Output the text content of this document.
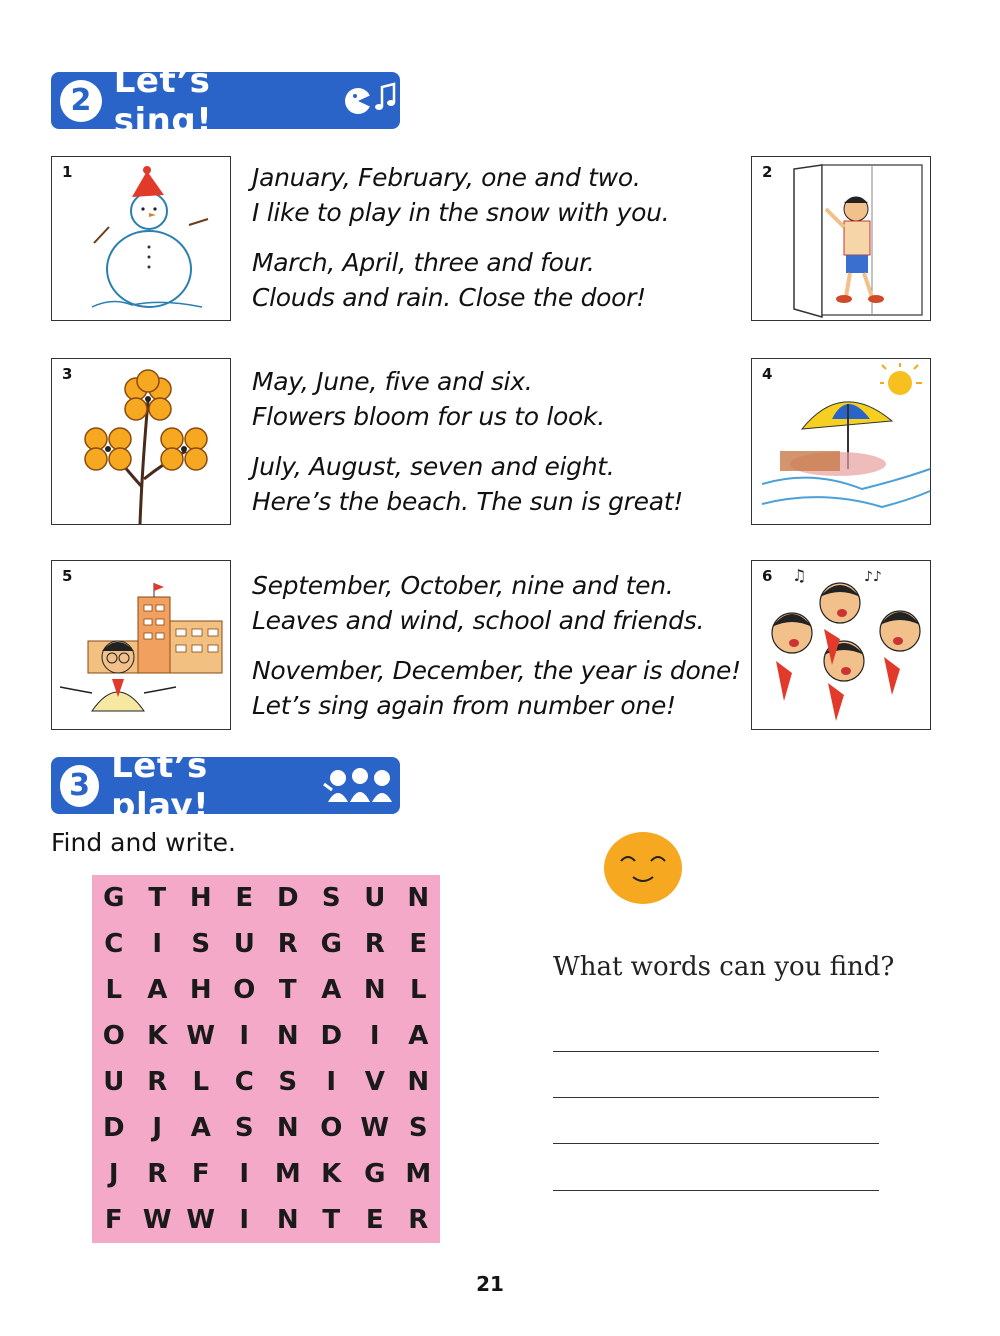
2 Let’s sing!
1	2
January, February, one and two.
I like to play in the snow with you.
March, April, three and four.
Clouds and rain. Close the door!
3	4
May, June, five and six.
Flowers bloom for us to look.
July, August, seven and eight.
Here’s the beach. The sun is great!
5	6 ♫	♪♪
September, October, nine and ten.
Leaves and wind, school and friends.
November, December, the year is done!
Let’s sing again from number one!
3 Let’s play!
Find and write.
G T H E D S U N
C	I	S U R G R E
L A H O T A N L
O K W I	N D	I	A
U R L C S	I	V N
D	J	A S N O W S
J	R F	I M K G M
F W W I	N T E R
What words can you find?
21
